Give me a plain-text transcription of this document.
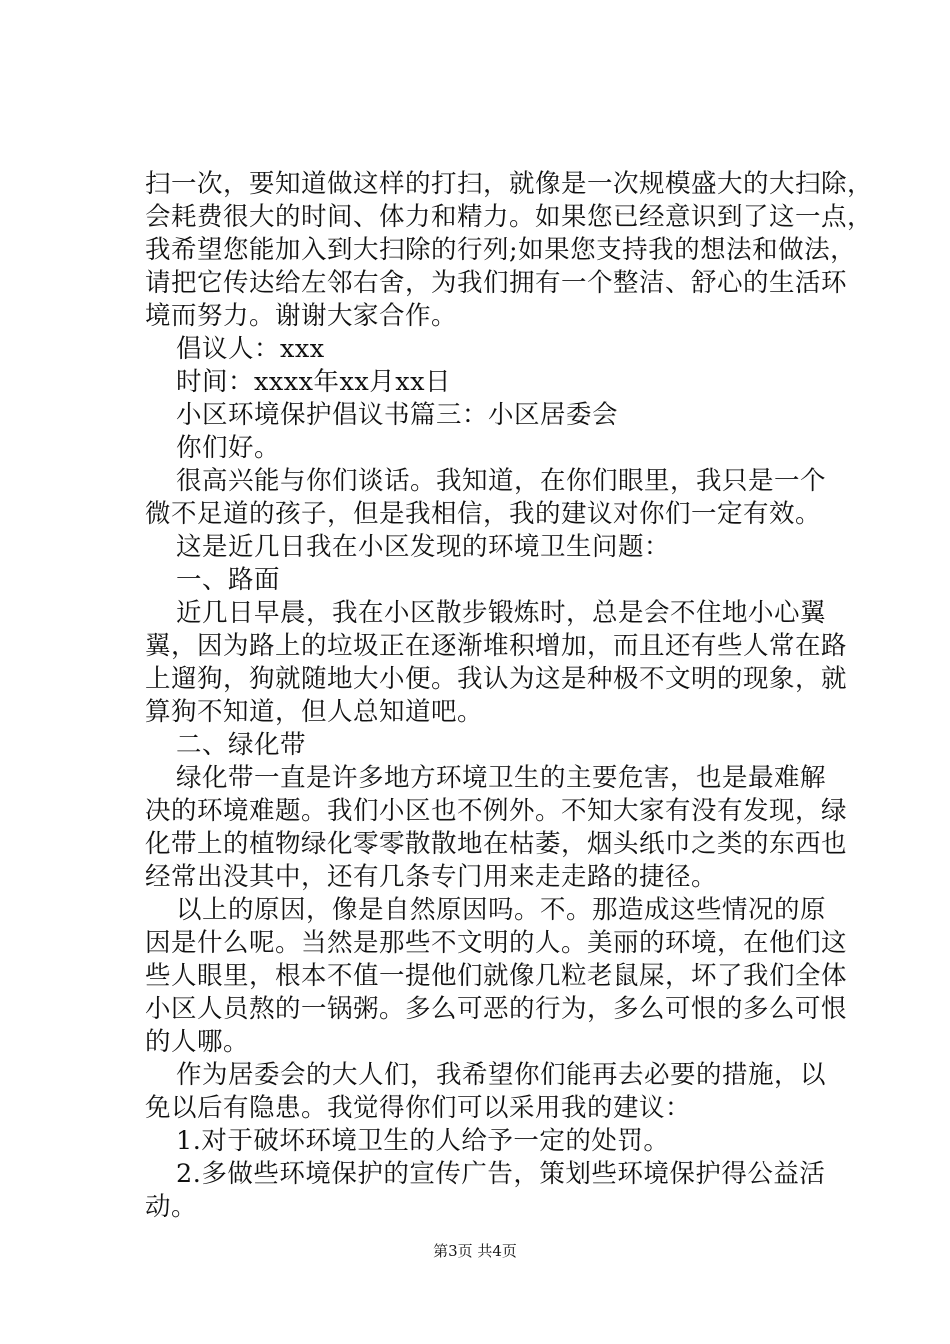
扫一次，要知道做这样的打扫，就像是一次规模盛大的大扫除，
会耗费很大的时间、体力和精力。如果您已经意识到了这一点，
我希望您能加入到大扫除的行列;如果您支持我的想法和做法，
请把它传达给左邻右舍，为我们拥有一个整洁、舒心的生活环
境而努力。谢谢大家合作。
倡议人：xxx
时间：xxxx年xx月xx日
小区环境保护倡议书篇三：小区居委会
你们好。
很高兴能与你们谈话。我知道，在你们眼里，我只是一个
微不足道的孩子，但是我相信，我的建议对你们一定有效。
这是近几日我在小区发现的环境卫生问题：
一、路面
近几日早晨，我在小区散步锻炼时，总是会不住地小心翼
翼，因为路上的垃圾正在逐渐堆积增加，而且还有些人常在路
上遛狗，狗就随地大小便。我认为这是种极不文明的现象，就
算狗不知道，但人总知道吧。
二、绿化带
绿化带一直是许多地方环境卫生的主要危害，也是最难解
决的环境难题。我们小区也不例外。不知大家有没有发现，绿
化带上的植物绿化零零散散地在枯萎，烟头纸巾之类的东西也
经常出没其中，还有几条专门用来走走路的捷径。
以上的原因，像是自然原因吗。不。那造成这些情况的原
因是什么呢。当然是那些不文明的人。美丽的环境，在他们这
些人眼里，根本不值一提他们就像几粒老鼠屎，坏了我们全体
小区人员熬的一锅粥。多么可恶的行为，多么可恨的多么可恨
的人哪。
作为居委会的大人们，我希望你们能再去必要的措施，以
免以后有隐患。我觉得你们可以采用我的建议：
1.对于破坏环境卫生的人给予一定的处罚。
2.多做些环境保护的宣传广告，策划些环境保护得公益活
动。
第3页 共4页
